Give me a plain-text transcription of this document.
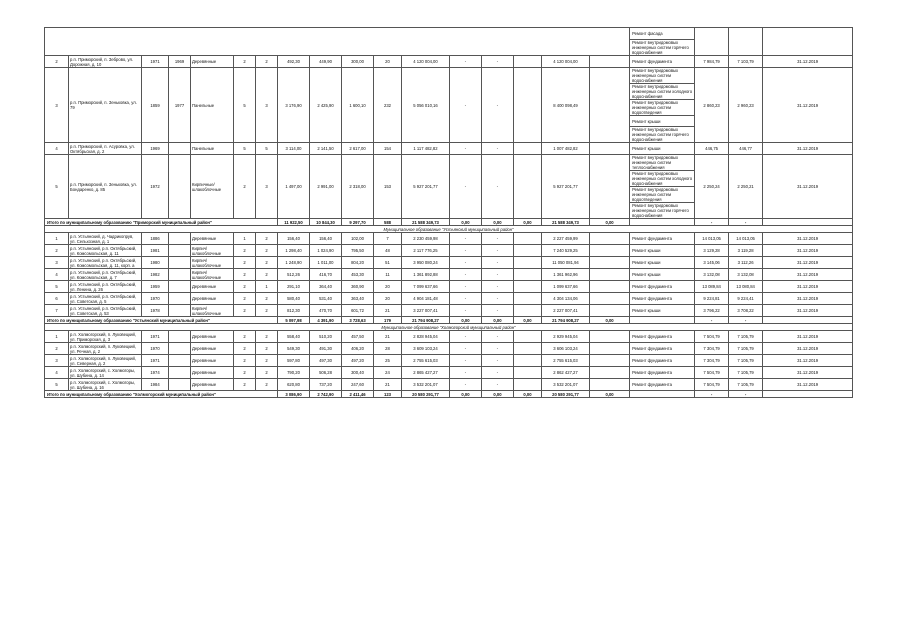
																	Ремонт фасада			
																	Ремонт внутридомовых инженерных систем горячего водоснабжения			
2	р.п. Приморский, п. Зеброво, ул. Дорожная, д. 10	1971	1969	Деревянные	2	2	492,30	449,90	300,00	20	4 120 004,00	-	-		4 120 004,00		Ремонт фундамента	7 984,79	7 103,79	31.12.2019
3	р.п. Приморский, п. Зеньковка, ул. 79	1859	1977	Панельные	5	3	3 176,90	2 425,90	1 600,10	232	5 056 010,16	-	-		8 400 098,49		Ремонт внутридомовых инженерных систем водоснабжения	2 860,23	2 960,23	31.12.2019
																	Ремонт внутридомовых инженерных систем холодного водоснабжения			
																	Ремонт внутридомовых инженерных систем водоотведения			
																	Ремонт крыши			
																	Ремонт внутридомовых инженерных систем горячего водоснабжения			
4	р.п. Приморский, п. Асуровка, ул. Октябрьская, д. 2	1969		Панельные	5	5	3 114,00	2 141,50	2 617,00	154	1 117 482,82	-	-		1 007 482,82		Ремонт крыши	446,75	446,77	31.12.2019
5	р.п. Приморский, п. Зеньковка, ул. Бондаренко, д. 85	1972		Кирпичные/ шлакоблочные	2	3	1 497,00	2 991,00	2 318,00	153	5 927 201,77	-	-		5 927 201,77		Ремонт внутридомовых инженерных систем теплоснабжения	2 250,24	2 250,21	31.12.2019
																	Ремонт внутридомовых инженерных систем холодного водоснабжения			
																	Ремонт внутридомовых инженерных систем водоотведения			
																	Ремонт внутридомовых инженерных систем горячего водоснабжения			
Итого по муниципальному образованию "Приморский муниципальный район"							11 922,50	10 844,30	9 297,70	588	21 588 349,73	0,00	0,00	0,00	21 588 349,73	0,00		-	-	
Муниципальное образование "Устьянский муниципальный район"																				
1	р.п. Устьянский, д. Чадрикопрув, ул. Сельхозная, д. 1	1886		Деревянные	1	2	156,40	156,40	102,00	7	2 230 459,98	-	-		2 227 459,99		Ремонт фундамента	14 013,05	14 013,05	31.12.2019
2	р.п. Устьянский, р.п. Октябрьский, ул. Комсомольская, д. 11	1981		Кирпич/ шлакоблочные	2	2	1 298,40	1 024,90	795,50	48	2 117 776,25	-	-		7 240 529,25		Ремонт крыши	3 129,28	3 119,28	31.12.2019
3	р.п. Устьянский, р.п. Октябрьский, ул. Комсомольская, д. 11, корп. а	1980		Кирпич/ шлакоблочные	2	2	1 248,90	1 011,00	804,20	51	3 950 080,24	-	-		11 050 081,94		Ремонт крыши	3 145,06	3 112,26	31.12.2019
4	р.п. Устьянский, р.п. Октябрьский, ул. Комсомольская, д. 7	1982		Кирпич/ шлакоблочные	2	2	512,26	416,70	453,30	11	1 361 892,88	-	-		1 361 962,96		Ремонт крыши	3 132,08	3 132,08	31.12.2019
5	р.п. Устьянский, р.п. Октябрьский, ул. Ленина, д. 26	1959		Деревянные	2	1	291,10	364,40	360,90	20	7 099 637,66	-	-		1 099 637,66		Ремонт фундамента	13 089,84	13 080,84	31.12.2019
6	р.п. Устьянский, р.п. Октябрьский, ул. Советская, д. 5	1970		Деревянные	2	2	580,40	531,40	363,40	20	4 904 181,48	-	-		4 304 134,06		Ремонт фундамента	9 224,81	9 224,41	31.12.2019
7	р.п. Устьянский, р.п. Октябрьский, ул. Советская, д. 53	1978		Кирпич/ шлакоблочные	2	2	812,30	470,70	601,72	21	3 227 007,41	-	-		2 227 007,41		Ремонт крыши	3 796,22	3 708,22	31.12.2019
Итого по муниципальному образованию "Устьянский муниципальный район"							5 097,98	4 391,90	3 728,63	179	21 794 908,27	0,00	0,00	0,00	21 794 908,27	0,00		-	-	
Муниципальное образование "Холмогорский муниципальный район"																				
1	р.п. Холмогорский, п. Луковецкий, ул. Приморская, д. 3	1971		Деревянные	2	2	558,40	510,20	457,50	21	2 828 945,04	-	-		2 929 945,04		Ремонт фундамента	7 504,79	7 105,79	31.12.2019
2	р.п. Холмогорский, п. Луковецкий, ул. Речная, д. 2	1970		Деревянные	2	2	549,30	491,30	406,20	28	3 609 103,24	-	-		3 606 103,24		Ремонт фундамента	7 304,79	7 105,79	31.12.2019
3	р.п. Холмогорский, п. Луковецкий, ул. Северная, д. 2	1971		Деревянные	2	2	597,80	497,30	497,20	25	2 755 615,03	-	-		2 755 615,03		Ремонт фундамента	7 304,79	7 105,79	31.12.2019
4	р.п. Холмогорский, с. Холмогоры, ул. Шубина, д. 14	1974		Деревянные	2	2	790,20	506,28	300,40	24	2 865 427,27	-	-		2 862 427,27		Ремонт фундамента	7 504,79	7 105,79	31.12.2019
5	р.п. Холмогорский, с. Холмогоры, ул. Шубина, д. 16	1984		Деревянные	2	2	620,80	737,20	247,60	21	3 532 201,07	-	-		3 532 201,07		Ремонт фундамента	7 504,79	7 105,79	31.12.2019
Итого по муниципальному образованию "Холмогорский муниципальный район"							3 086,90	2 742,90	2 411,46	123	20 580 291,77	0,00	0,00	0,00	20 580 291,77	0,00		-	-	
